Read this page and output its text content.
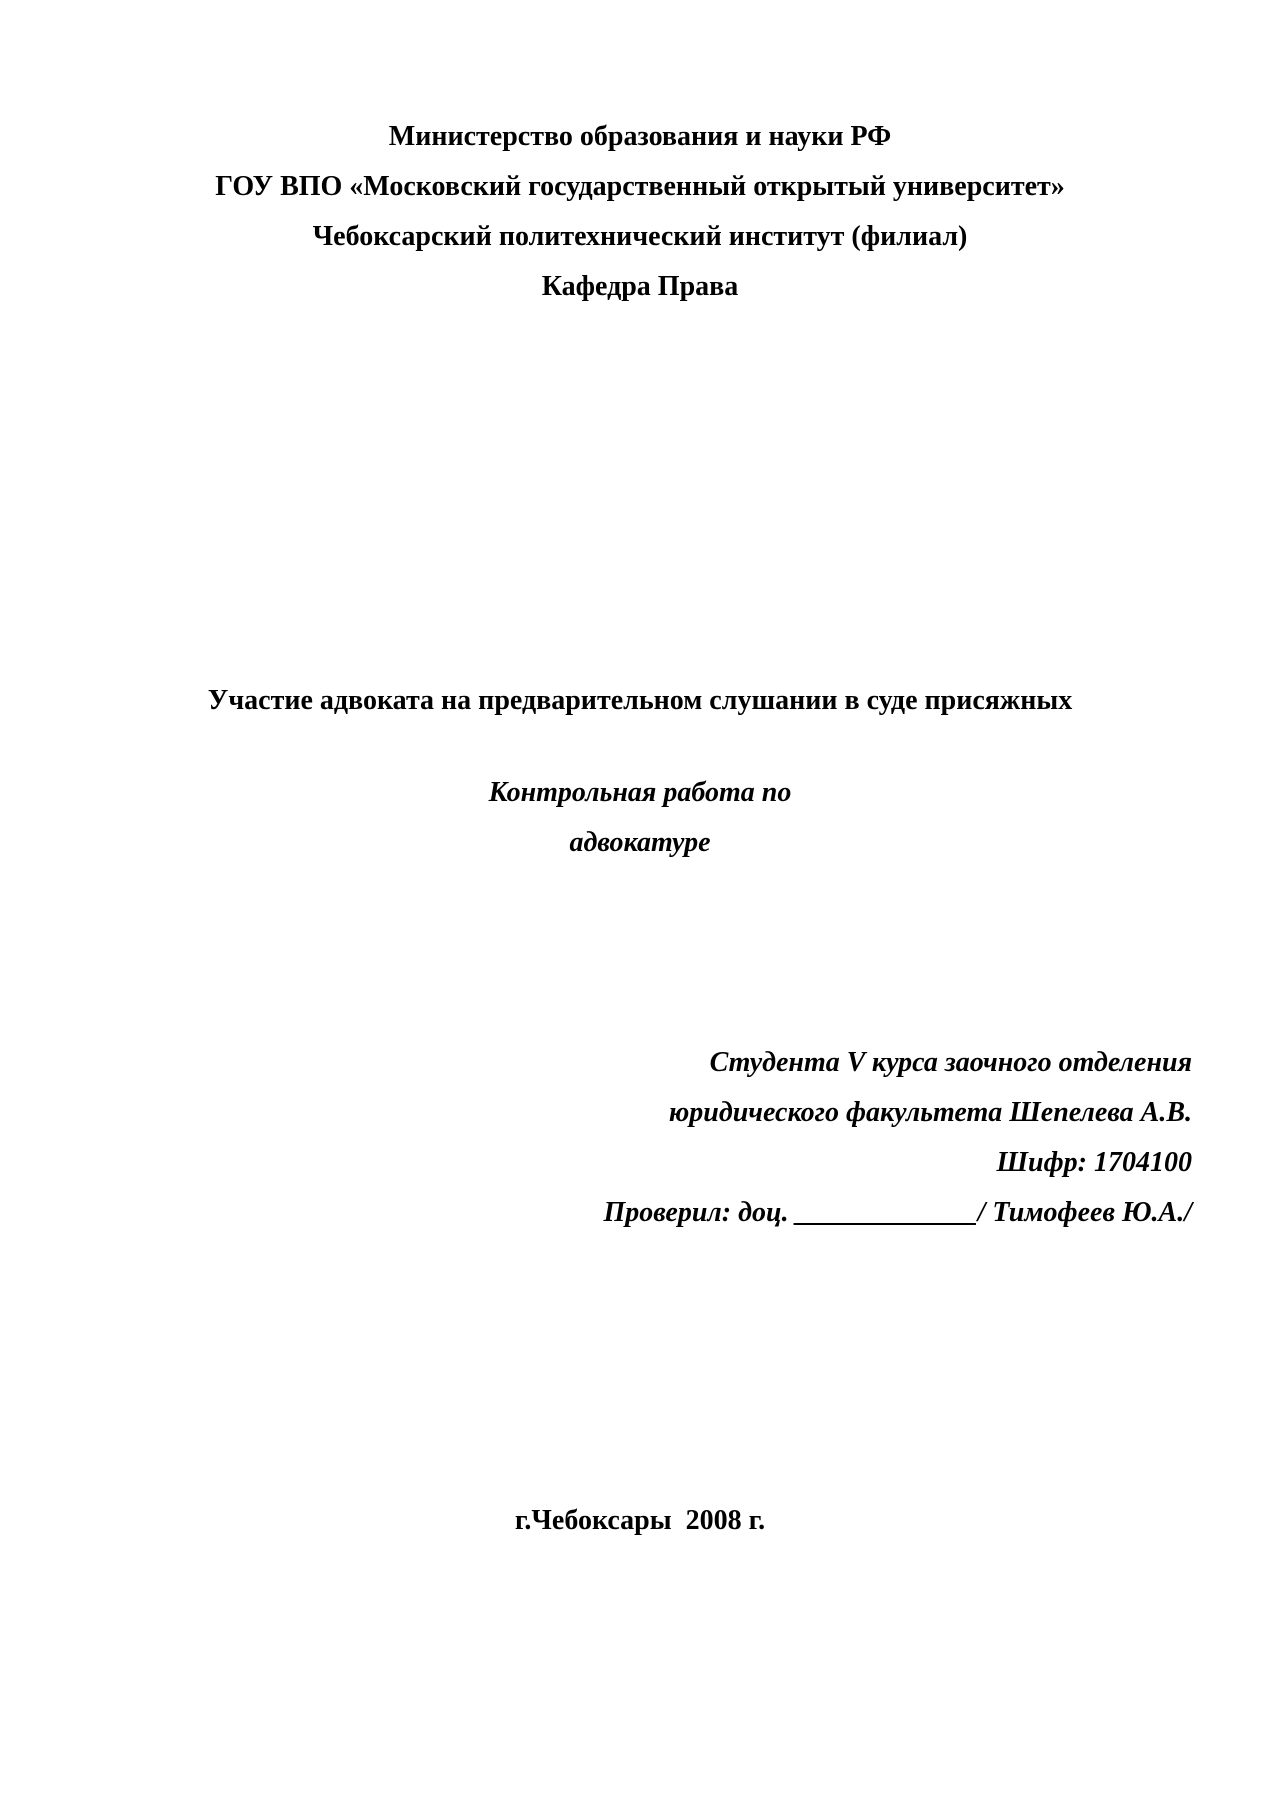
Министерство образования и науки РФ
ГОУ ВПО «Московский государственный открытый университет»
Чебоксарский политехнический институт (филиал)
Кафедра Права
Участие адвоката на предварительном слушании в суде присяжных
Контрольная работа по
адвокатуре
Студента V курса заочного отделения
юридического факультета Шепелева А.В.
Шифр: 1704100
Проверил: доц. _____________/ Тимофеев Ю.А./
г.Чебоксары  2008 г.
